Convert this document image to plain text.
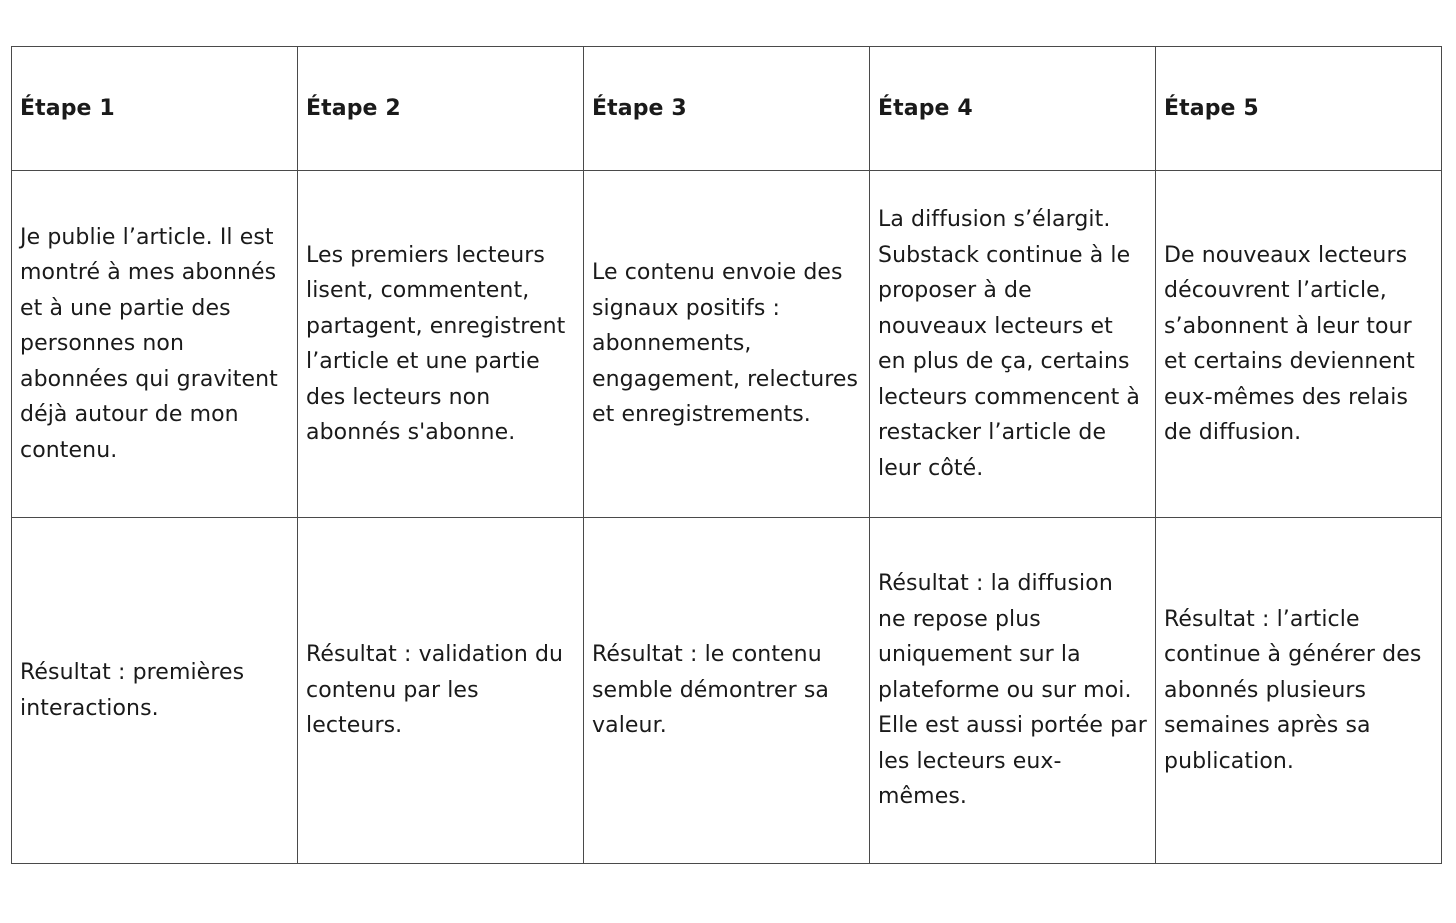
Étape 1	Étape 2	Étape 3	Étape 4	Étape 5

Je publie l’article. Il est montré à mes abonnés et à une partie des personnes non abonnées qui gravitent déjà autour de mon contenu.	Les premiers lecteurs lisent, commentent, partagent, enregistrent l’article et une partie des lecteurs non abonnés s'abonne.	Le contenu envoie des signaux positifs : abonnements, engagement, relectures et enregistrements.	La diffusion s’élargit. Substack continue à le proposer à de nouveaux lecteurs et en plus de ça, certains lecteurs commencent à restacker l’article de leur côté.	De nouveaux lecteurs découvrent l’article, s’abonnent à leur tour et certains deviennent eux-mêmes des relais de diffusion.

Résultat : premières interactions.	Résultat : validation du contenu par les lecteurs.	Résultat : le contenu semble démontrer sa valeur.	Résultat : la diffusion ne repose plus uniquement sur la plateforme ou sur moi. Elle est aussi portée par les lecteurs eux-mêmes.	Résultat : l’article continue à générer des abonnés plusieurs semaines après sa publication.
